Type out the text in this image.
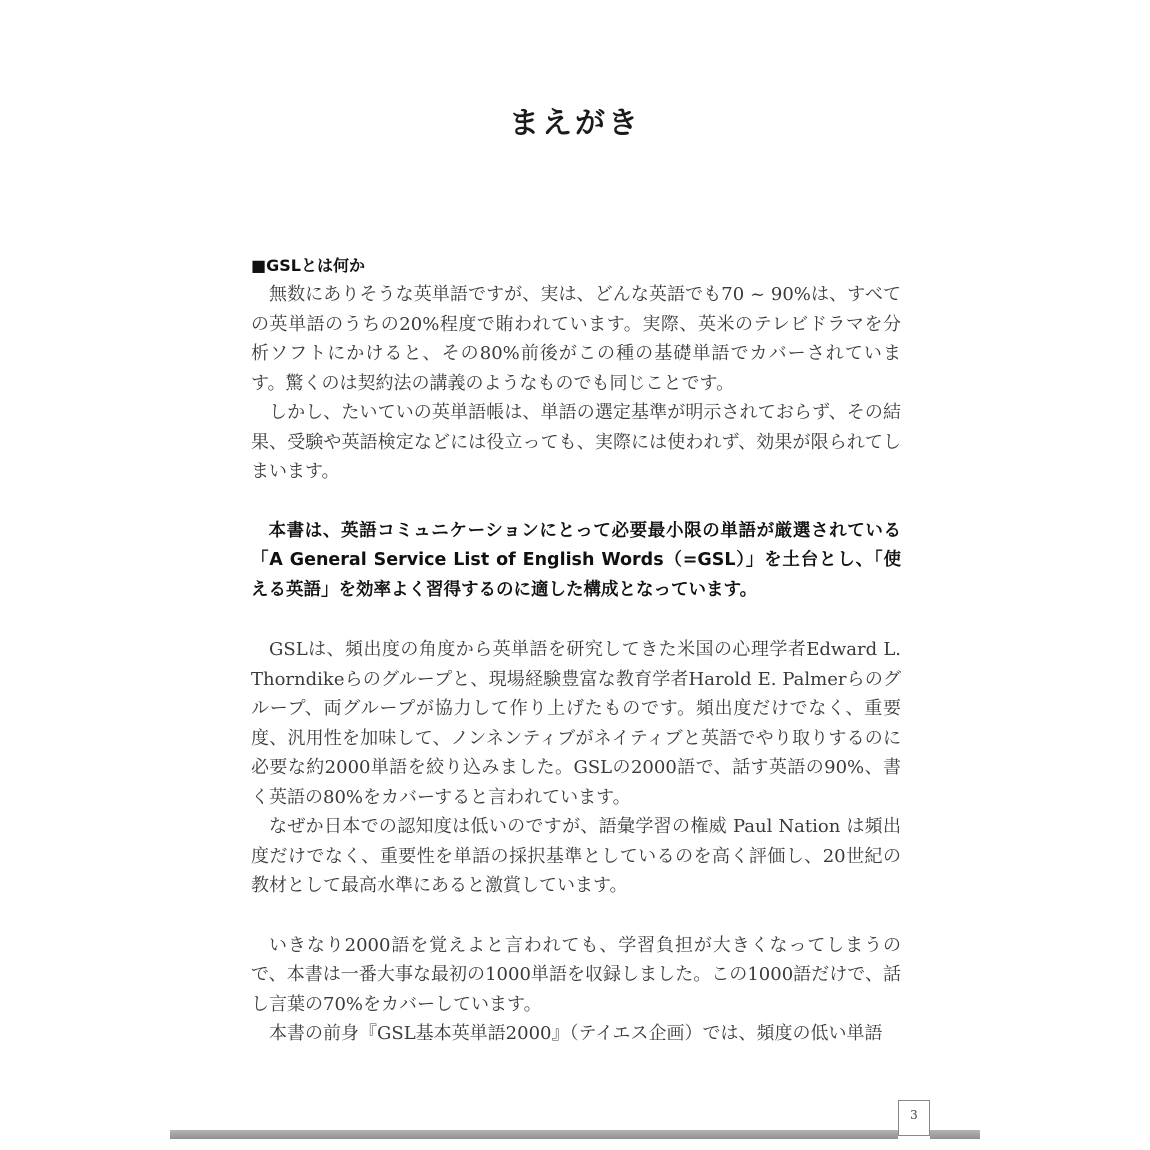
まえがき
■GSLとは何か

無数にありそうな英単語ですが、実は、どんな英語でも70 ~ 90%は、すべての英単語のうちの20%程度で賄われています。実際、英米のテレビドラマを分析ソフトにかけると、その80%前後がこの種の基礎単語でカバーされています。驚くのは契約法の講義のようなものでも同じことです。

しかし、たいていの英単語帳は、単語の選定基準が明示されておらず、その結果、受験や英語検定などには役立っても、実際には使われず、効果が限られてしまいます。

本書は、英語コミュニケーションにとって必要最小限の単語が厳選されている「A General Service List of English Words（=GSL）」を土台とし、「使える英語」を効率よく習得するのに適した構成となっています。

GSLは、頻出度の角度から英単語を研究してきた米国の心理学者Edward L. Thorndikeらのグループと、現場経験豊富な教育学者Harold E. Palmerらのグループ、両グループが協力して作り上げたものです。頻出度だけでなく、重要度、汎用性を加味して、ノンネンティブがネイティブと英語でやり取りするのに必要な約2000単語を絞り込みました。GSLの2000語で、話す英語の90%、書く英語の80%をカバーすると言われています。

なぜか日本での認知度は低いのですが、語彙学習の権威 Paul Nation は頻出度だけでなく、重要性を単語の採択基準としているのを高く評価し、20世紀の教材として最高水準にあると激賞しています。

いきなり2000語を覚えよと言われても、学習負担が大きくなってしまうので、本書は一番大事な最初の1000単語を収録しました。この1000語だけで、話し言葉の70%をカバーしています。

本書の前身『GSL基本英単語2000』（テイエス企画）では、頻度の低い単語

3
